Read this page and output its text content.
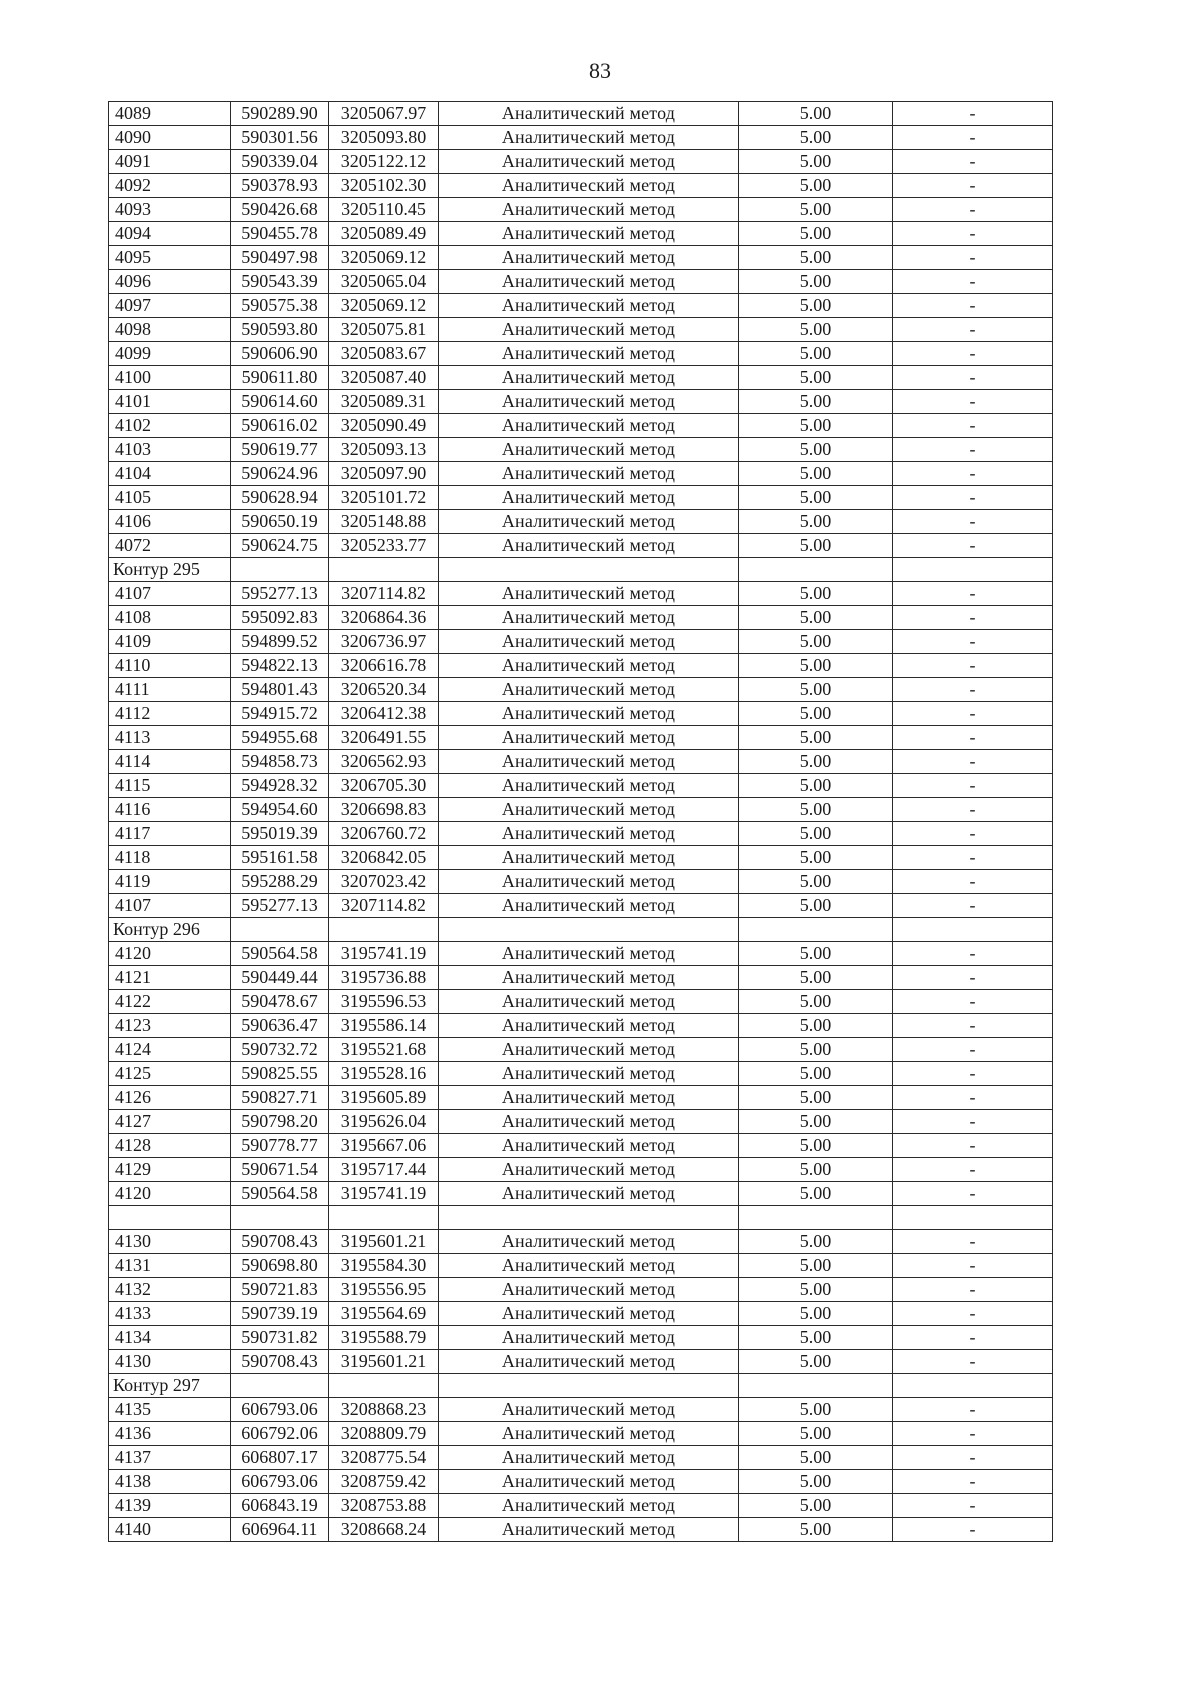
83
4089	590289.90	3205067.97	Аналитический метод	5.00	-
4090	590301.56	3205093.80	Аналитический метод	5.00	-
4091	590339.04	3205122.12	Аналитический метод	5.00	-
4092	590378.93	3205102.30	Аналитический метод	5.00	-
4093	590426.68	3205110.45	Аналитический метод	5.00	-
4094	590455.78	3205089.49	Аналитический метод	5.00	-
4095	590497.98	3205069.12	Аналитический метод	5.00	-
4096	590543.39	3205065.04	Аналитический метод	5.00	-
4097	590575.38	3205069.12	Аналитический метод	5.00	-
4098	590593.80	3205075.81	Аналитический метод	5.00	-
4099	590606.90	3205083.67	Аналитический метод	5.00	-
4100	590611.80	3205087.40	Аналитический метод	5.00	-
4101	590614.60	3205089.31	Аналитический метод	5.00	-
4102	590616.02	3205090.49	Аналитический метод	5.00	-
4103	590619.77	3205093.13	Аналитический метод	5.00	-
4104	590624.96	3205097.90	Аналитический метод	5.00	-
4105	590628.94	3205101.72	Аналитический метод	5.00	-
4106	590650.19	3205148.88	Аналитический метод	5.00	-
4072	590624.75	3205233.77	Аналитический метод	5.00	-
Контур 295					
4107	595277.13	3207114.82	Аналитический метод	5.00	-
4108	595092.83	3206864.36	Аналитический метод	5.00	-
4109	594899.52	3206736.97	Аналитический метод	5.00	-
4110	594822.13	3206616.78	Аналитический метод	5.00	-
4111	594801.43	3206520.34	Аналитический метод	5.00	-
4112	594915.72	3206412.38	Аналитический метод	5.00	-
4113	594955.68	3206491.55	Аналитический метод	5.00	-
4114	594858.73	3206562.93	Аналитический метод	5.00	-
4115	594928.32	3206705.30	Аналитический метод	5.00	-
4116	594954.60	3206698.83	Аналитический метод	5.00	-
4117	595019.39	3206760.72	Аналитический метод	5.00	-
4118	595161.58	3206842.05	Аналитический метод	5.00	-
4119	595288.29	3207023.42	Аналитический метод	5.00	-
4107	595277.13	3207114.82	Аналитический метод	5.00	-
Контур 296					
4120	590564.58	3195741.19	Аналитический метод	5.00	-
4121	590449.44	3195736.88	Аналитический метод	5.00	-
4122	590478.67	3195596.53	Аналитический метод	5.00	-
4123	590636.47	3195586.14	Аналитический метод	5.00	-
4124	590732.72	3195521.68	Аналитический метод	5.00	-
4125	590825.55	3195528.16	Аналитический метод	5.00	-
4126	590827.71	3195605.89	Аналитический метод	5.00	-
4127	590798.20	3195626.04	Аналитический метод	5.00	-
4128	590778.77	3195667.06	Аналитический метод	5.00	-
4129	590671.54	3195717.44	Аналитический метод	5.00	-
4120	590564.58	3195741.19	Аналитический метод	5.00	-

4130	590708.43	3195601.21	Аналитический метод	5.00	-
4131	590698.80	3195584.30	Аналитический метод	5.00	-
4132	590721.83	3195556.95	Аналитический метод	5.00	-
4133	590739.19	3195564.69	Аналитический метод	5.00	-
4134	590731.82	3195588.79	Аналитический метод	5.00	-
4130	590708.43	3195601.21	Аналитический метод	5.00	-
Контур 297					
4135	606793.06	3208868.23	Аналитический метод	5.00	-
4136	606792.06	3208809.79	Аналитический метод	5.00	-
4137	606807.17	3208775.54	Аналитический метод	5.00	-
4138	606793.06	3208759.42	Аналитический метод	5.00	-
4139	606843.19	3208753.88	Аналитический метод	5.00	-
4140	606964.11	3208668.24	Аналитический метод	5.00	-
